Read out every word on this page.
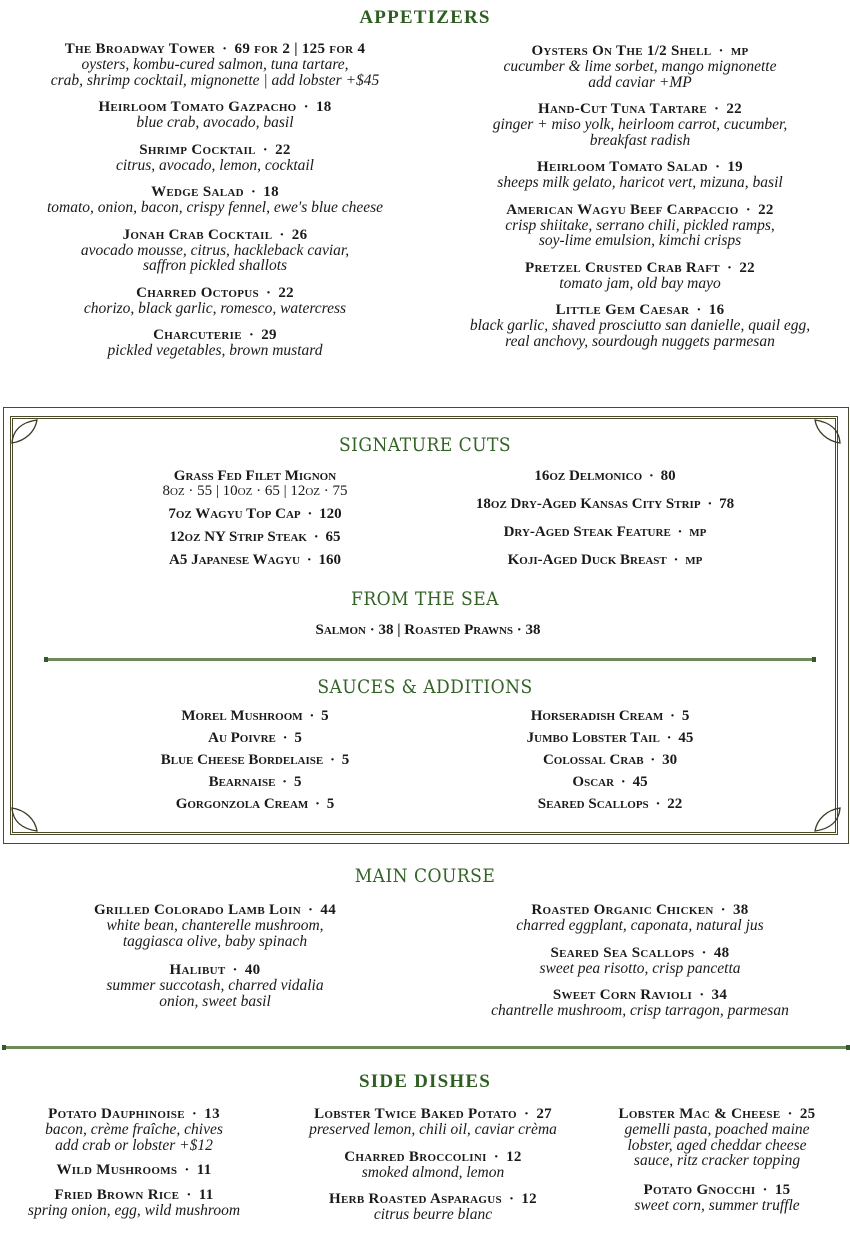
APPETIZERS
The Broadway Tower · 69 for 2 | 125 for 4
oysters, kombu-cured salmon, tuna tartare,
crab, shrimp cocktail, mignonette | add lobster +$45
Heirloom Tomato Gazpacho · 18
blue crab, avocado, basil
Shrimp Cocktail · 22
citrus, avocado, lemon, cocktail
Wedge Salad · 18
tomato, onion, bacon, crispy fennel, ewe's blue cheese
Jonah Crab Cocktail · 26
avocado mousse, citrus, hackleback caviar,
saffron pickled shallots
Charred Octopus · 22
chorizo, black garlic, romesco, watercress
Charcuterie · 29
pickled vegetables, brown mustard
Oysters On The 1/2 Shell · mp
cucumber & lime sorbet, mango mignonette
add caviar +MP
Hand-Cut Tuna Tartare · 22
ginger + miso yolk, heirloom carrot, cucumber,
breakfast radish
Heirloom Tomato Salad · 19
sheeps milk gelato, haricot vert, mizuna, basil
American Wagyu Beef Carpaccio · 22
crisp shiitake, serrano chili, pickled ramps,
soy-lime emulsion, kimchi crisps
Pretzel Crusted Crab Raft · 22
tomato jam, old bay mayo
Little Gem Caesar · 16
black garlic, shaved prosciutto san danielle, quail egg,
real anchovy, sourdough nuggets parmesan
SIGNATURE CUTS
Grass Fed Filet Mignon
8oz · 55 | 10oz · 65 | 12oz · 75
7oz Wagyu Top Cap · 120
12oz NY Strip Steak · 65
A5 Japanese Wagyu · 160
16oz Delmonico · 80
18oz Dry-Aged Kansas City Strip · 78
Dry-Aged Steak Feature · mp
Koji-Aged Duck Breast · mp
FROM THE SEA
Salmon · 38 | Roasted Prawns · 38
SAUCES & ADDITIONS
Morel Mushroom · 5
Au Poivre · 5
Blue Cheese Bordelaise · 5
Bearnaise · 5
Gorgonzola Cream · 5
Horseradish Cream · 5
Jumbo Lobster Tail · 45
Colossal Crab · 30
Oscar · 45
Seared Scallops · 22
MAIN COURSE
Grilled Colorado Lamb Loin · 44
white bean, chanterelle mushroom,
taggiasca olive, baby spinach
Halibut · 40
summer succotash, charred vidalia
onion, sweet basil
Roasted Organic Chicken · 38
charred eggplant, caponata, natural jus
Seared Sea Scallops · 48
sweet pea risotto, crisp pancetta
Sweet Corn Ravioli · 34
chantrelle mushroom, crisp tarragon, parmesan
SIDE DISHES
Potato Dauphinoise · 13
bacon, crème fraîche, chives
add crab or lobster +$12
Wild Mushrooms · 11
Fried Brown Rice · 11
spring onion, egg, wild mushroom
Lobster Twice Baked Potato · 27
preserved lemon, chili oil, caviar crèma
Charred Broccolini · 12
smoked almond, lemon
Herb Roasted Asparagus · 12
citrus beurre blanc
Lobster Mac & Cheese · 25
gemelli pasta, poached maine
lobster, aged cheddar cheese
sauce, ritz cracker topping
Potato Gnocchi · 15
sweet corn, summer truffle
